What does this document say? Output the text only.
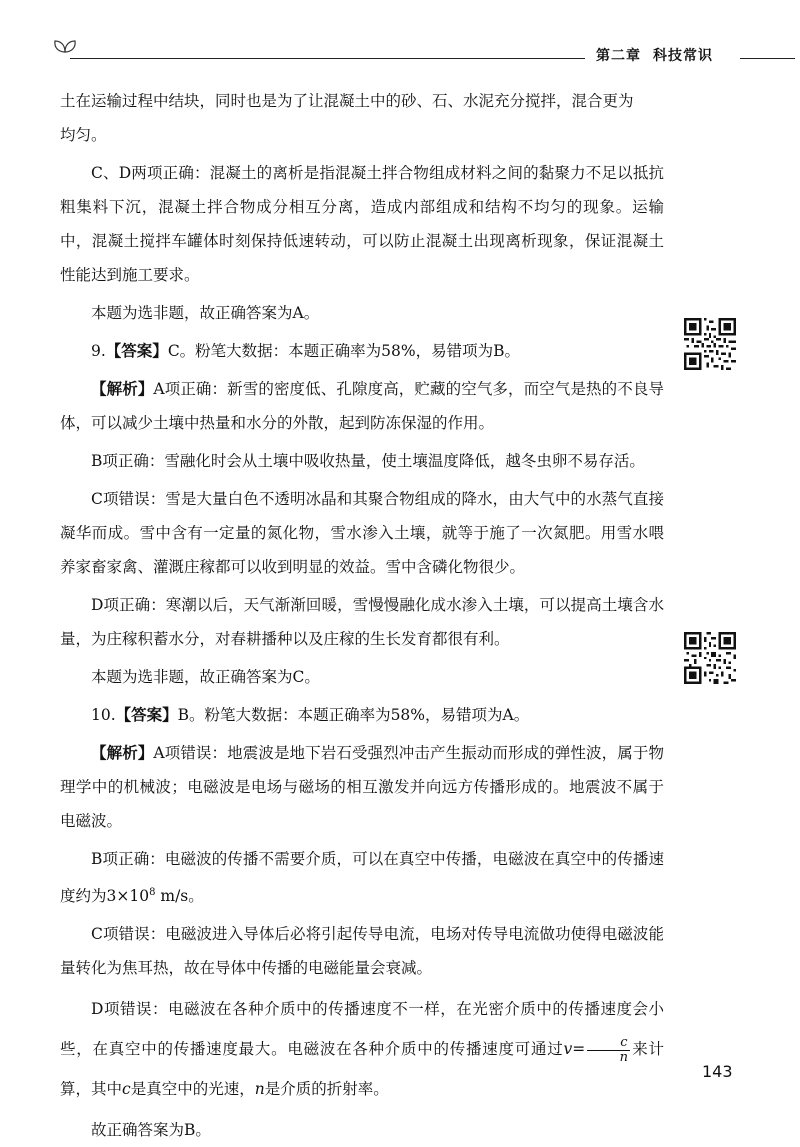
第二章 科技常识

土在运输过程中结块，同时也是为了让混凝土中的砂、石、水泥充分搅拌，混合更为

均匀。

C、D两项正确：混凝土的离析是指混凝土拌合物组成材料之间的黏聚力不足以抵抗粗集料下沉，混凝土拌合物成分相互分离，造成内部组成和结构不均匀的现象。运输中，混凝土搅拌车罐体时刻保持低速转动，可以防止混凝土出现离析现象，保证混凝土性能达到施工要求。

本题为选非题，故正确答案为A。

9.【答案】C。粉笔大数据：本题正确率为58%，易错项为B。

【解析】A项正确：新雪的密度低、孔隙度高，贮藏的空气多，而空气是热的不良导体，可以减少土壤中热量和水分的外散，起到防冻保湿的作用。

B项正确：雪融化时会从土壤中吸收热量，使土壤温度降低，越冬虫卵不易存活。

C项错误：雪是大量白色不透明冰晶和其聚合物组成的降水，由大气中的水蒸气直接凝华而成。雪中含有一定量的氮化物，雪水渗入土壤，就等于施了一次氮肥。用雪水喂养家畜家禽、灌溉庄稼都可以收到明显的效益。雪中含磷化物很少。

D项正确：寒潮以后，天气渐渐回暖，雪慢慢融化成水渗入土壤，可以提高土壤含水量，为庄稼积蓄水分，对春耕播种以及庄稼的生长发育都很有利。

本题为选非题，故正确答案为C。

10.【答案】B。粉笔大数据：本题正确率为58%，易错项为A。

【解析】A项错误：地震波是地下岩石受强烈冲击产生振动而形成的弹性波，属于物理学中的机械波；电磁波是电场与磁场的相互激发并向远方传播形成的。地震波不属于电磁波。

B项正确：电磁波的传播不需要介质，可以在真空中传播，电磁波在真空中的传播速度约为$3\times 10^8$ m/s。

C项错误：电磁波进入导体后必将引起传导电流，电场对传导电流做功使得电磁波能量转化为焦耳热，故在导体中传播的电磁能量会衰减。

D项错误：电磁波在各种介质中的传播速度不一样，在光密介质中的传播速度会小些，在真空中的传播速度最大。电磁波在各种介质中的传播速度可通过$v= \frac{c}{n}$ 来计算，其中c是真空中的光速，n是介质的折射率。

故正确答案为B。

143
